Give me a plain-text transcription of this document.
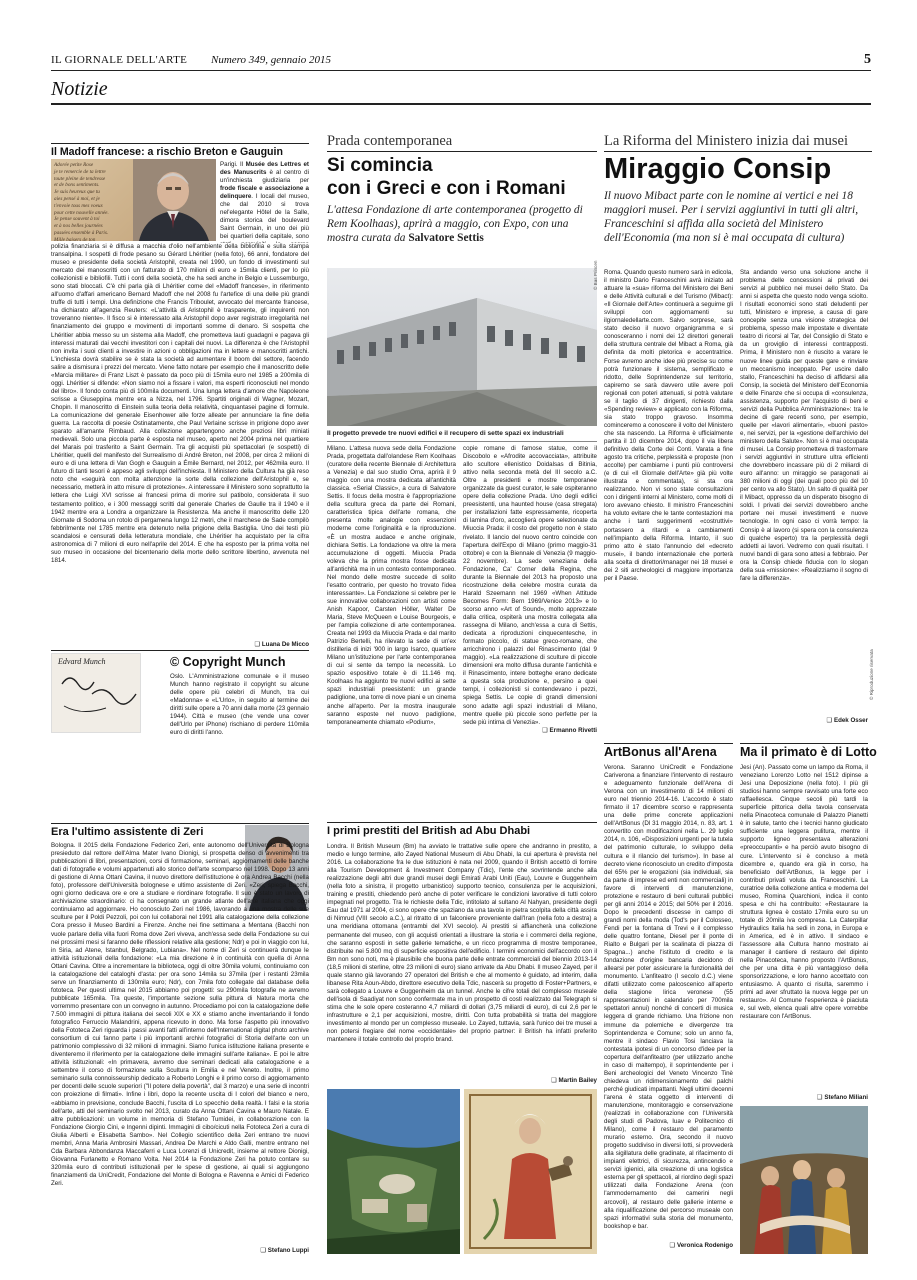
IL GIORNALE DELL'ARTE Numero 349, gennaio 2015	5
Notizie
Il Madoff francese: a rischio Breton e Gauguin
Adorée petite Rose
je te remercie de ta lettre
toute pleine de tendresse
et de bons sentiments.
Je suis heureux que tu
aies pensé à moi, et je
t'envoie tous mes voeux
pour cette nouvelle année.
Je pense souvent à toi
et à nos belles journées
passées ensemble à Paris.
Mille baisers de ton
Parigi. Il Musée des Lettres et des Manuscrits è al centro di un'inchiesta giudiziaria per frode fiscale e associazione a delinquere. I locali del museo, che dal 2010 si trova nel'elegante Hôtel de la Salle, dimora storica del boulevard Saint Germain, in uno dei più bei quartieri della capitale, sono
polizia finanziaria si è diffusa a macchia d'olio nell'ambiente della bibliofilia e sulla stampa transalpina. I sospetti di frode pesano su Gérard Lhéritier (nella foto), 66 anni, fondatore del museo e presidente della società Aristophil, creata nel 1990, un fondo di investimenti sul mercato dei manoscritti con un fatturato di 170 milioni di euro e 15mila clienti, per lo più collezionisti e bibliofili. Tutti i conti della società, che ha sedi anche in Belgio e Lussemburgo, sono stati bloccati. C'è chi parla già di Lhéritier come del «Madoff francese», in riferimento all'uomo d'affari americano Bernard Madoff che nel 2008 fu l'artefice di una delle più grandi truffe di tutti i tempi. Una definizione che Francis Triboulet, avvocato del mercante francese, ha dichiarato all'agenzia Reuters: «L'attività di Aristophil è trasparente, gli inquirenti non troveranno niente». Il fisco si è interessato alla Aristophil dopo aver registrato irregolarità nel finanziamento dei gruppo e movimenti di importanti somme di denaro. Si sospetta che Lhéritier abbia messo su un sistema alla Madoff, che prometteva lauti guadagni e pagava gli interessi maturati dai vecchi investitori con i capitali dei nuovi. La differenza è che l'Aristophil non invita i suoi clienti a investire in azioni o obbligazioni ma in lettere e manoscritti antichi. L'inchiesta dovrà stabilire se è stata la società ad aumentare il boom del settore, facendo salire a dismisura i prezzi del mercato. Viene fatto notare per esempio che il manoscritto delle «Marcia militare» di Franz Liszt è passato da poco più di 15mila euro nel 1985 a 200mila di oggi. Lhéritier si difende: «Non siamo noi a fissare i valori, ma esperti riconosciuti nel mondo del libro». Il fondo conta più di 100mila documenti. Una lunga lettera d'amore che Napoleone scrisse a Giuseppina mentre era a Nizza, nel 1796. Spartiti originali di Wagner, Mozart, Chopin. Il manoscritto di Einstein sulla teoria della relatività, cinquantasei pagine di formule. La comunicazione del generale Eisenhower alle forze alleate per annunciare la fine della guerra. La raccolta di poesie Ostinatamente, che Paul Verlaine scrisse in prigione dopo aver sparato all'amante Rimbaud. Alla collezione appartengono anche preziosi libri miniati medievali. Solo una piccola parte è esposta nel museo, aperto nel 2004 prima nel quartiere del Marais poi trasferito a Saint Germain. Tra gli acquisti più spettacolari (e sospetti) di Lhéritier, quelli del manifesto del Surrealismo di André Breton, nel 2008, per circa 2 milioni di euro e di una lettera di Van Gogh e Gauguin a Émile Bernard, nel 2012, per 462mila euro. Il futuro di tanti tesori è appeso agli sviluppi dell'inchiesta. Il Ministero della Cultura ha già reso noto che «seguirà con molta attenzione la sorte della collezione dell'Aristophil e, se necessario, metterà in atto misure di protezione». A interessare il Ministero sono soprattutto la lettera che Luigi XVI scrisse ai francesi prima di morire sul patibolo, considerata il suo testamento politico, e i 300 messaggi scritti dal generale Charles de Gaulle tra il 1940 e il 1942 mentre era a Londra a organizzare la Resistenza. Ma anche il manoscritto delle 120 Giornate di Sodoma un rotolo di pergamena lungo 12 metri, che il marchese de Sade compilò febbrilmente nel 1785 mentre era detenuto nella prigione della Bastiglia. Uno dei testi più scandalosi e censurati della letteratura mondiale, che Lhéritier ha acquistato per la cifra astronomica di 7 milioni di euro nell'aprile del 2014. E che ha esposto per la prima volta nel suo museo in occasione del bicentenario della morte dello scrittore libertino, avvenuta nel 1814.
❑ Luana De Micco
Edvard Munch	© Copyright Munch
Oslo. L'Amministrazione comunale e il museo Munch hanno registrato il copyright su alcune delle opere più celebri di Munch, tra cui «Madonna» e «L'Urlo», in seguito al termine dei diritti sulle opere a 70 anni dalla morte (23 gennaio 1944). Città e museo (che vende una cover dell'Urlo per iPhone) rischiano di perdere 110mila euro di diritti l'anno.
Era l'ultimo assistente di Zeri
Bologna. Il 2015 della Fondazione Federico Zeri, ente autonomo dell'Università di Bologna presieduto dal rettore dell'Alma Mater Ivano Dionigi, si prospetta denso di avvenimenti tra pubblicazioni di libri, presentazioni, corsi di formazione, seminari, aggiornamenti delle banche dati di fotografie e volumi appartenuti allo storico dell'arte scomparso nel 1998. Dopo 13 anni di gestione di Anna Ottani Cavina, il nuovo direttore dell'istituzione è ora Andrea Bacchi (nella foto), professore dell'Università bolognese e ultimo assistente di Zeri. «Zeri, spiega Bacchi, ogni giorno dedicava ore e ore a studiare e riordinare fotografie. Il suo è stato un lavoro di archiviazione straordinario: ci ha consegnato un grande atlante dell'arte italiana che oggi continuiamo ad aggiornare. Ho conosciuto Zeri nel 1986, lavorando a una mostra delle sue sculture per il Poldi Pezzoli, poi con lui collaborai nel 1991 alla catalogazione della collezione Cora presso il Museo Bardini a Firenze. Anche nei fine settimana a Mentana (Bacchi non vuole parlare della villa fuori Roma dove Zeri viveva, anch'essa sede della Fondazione su cui nei prossimi mesi si faranno delle riflessioni relative alla gestione; Ndr) e poi in viaggio con lui, in Siria, ad Atene, Istanbul, Belgrado, Lubiana». Nel nome di Zeri si continuerà dunque le attività istituzionali della fondazione: «La mia direzione è in continuità con quella di Anna Ottani Cavina. Oltre a incrementare la biblioteca, oggi di oltre 30mila volumi, continuiamo con la catalogazione del cataloghi d'asta: per ora sono 14mila su 37mila (per i restanti 23mila serve un finanziamento di 130mila euro; Ndr), con 7mila foto collegate dal database della fototeca. Per questi ultima nel 2015 abbiamo poi progetti: su 290mila fotografie ne avremo pubblicate 165mila. Tra queste, l'importante sezione sulla pittura di Natura morta che vorremmo presentare con un convegno in autunno. Procediamo poi con la catalogazione delle 7.500 immagini di pittura italiana dei secoli XIX e XX e stiamo anche inventariando il fondo fotografico Ferruccio Malandrini, appena ricevuto in dono. Ma forse l'aspetto più innovativo della Fototeca Zeri riguarda i passi avanti fatti all'interno dell'International digital photo archive consortium di cui fanno parte i più importanti archivi fotografici di Storia dell'arte con un patrimonio complessivo di 32 milioni di immagini. Siamo l'unica istituzione italiana presente e diventeremo il riferimento per la catalogazione delle immagini sull'arte italiana». E poi le altre attività istituzionali: «In primavera, avremo due seminari dedicati alla catalogazione e a settembre il corso di formazione sulla Scultura in Emilia e nel Veneto. Inoltre, il primo seminario sulla connoisseurship dedicato a Roberto Longhi e il primo corso di aggiornamento per docenti delle scuole superiori ("Il potere della povertà", dal 3 marzo) e una serie di incontri con proiezione di filmati». Infine i libri, dopo la recente uscita di I colori del bianco e nero, «abbiamo in previsione, conclude Bacchi, l'uscita di Lo specchio della realtà. I falsi e la storia dell'arte, atti del seminario svolto nel 2013, curato da Anna Ottani Cavina e Mauro Natale. E altre pubblicazioni: un volume in memoria di Stefano Tumidei, in collaborazione con la Fondazione Giorgio Cini, e Ingenni dipinti. Immagini di cibo/cicuti nella Fototeca Zeri a cura di Giulia Alberti e Elisabetta Sambo». Nel Collegio scientifico della Zeri entrano tre nuovi membri, Anna Maria Ambrosini Massari, Andrea De Marchi e Aldo Galli, mentre entrano nel Cda Barbara Abbondanza Maccaferri e Luca Lorenzi di Unicredit, insieme al rettore Dionigi, Giovanna Furlanetto e Romano Volta. Nel 2014 la Fondazione Zeri ha potuto contare su 320mila euro di contributi istituzionali per le spese di gestione, ai quali si aggiungono finanziamenti da UniCredit, Fondazione del Monte di Bologna e Ravenna e Amici di Federico Zeri.
❑ Stefano Luppi
Prada contemporanea
Si comincia
con i Greci e con i Romani
L'attesa Fondazione di arte contemporanea (progetto di Rem Koolhaas), aprirà a maggio, con Expo, con una mostra curata da Salvatore Settis
© Bas Princen
Il progetto prevede tre nuovi edifici e il recupero di sette spazi ex industriali
Milano. L'attesa nuova sede della Fondazione Prada, progettata dall'olandese Rem Koolhaas (curatore della recente Biennale di Architettura a Venezia) e dal suo studio Oma, aprirà il 9 maggio con una mostra dedicata all'antichità classica. «Serial Classic», a cura di Salvatore Settis. Il focus della mostra è l'appropriazione della scultura greca da parte dei Romani, caratteristica tipica dell'arte romana, che presenta molte analogie con essenzioni moderne come l'originalità e la riproduzione. «È un mostra audace e anche originale, dichiara Settis. La fondazione va oltre la mera accumulazione di oggetti. Miuccia Prada voleva che la prima mostra fosse dedicata all'antichità ma in un contesto contemporaneo. Nel mondo delle mostre succede di solito l'esatto contrario, per questo ho trovato l'idea interessante». La Fondazione si celebre per le sue innovative collaborazioni con artisti come Anish Kapoor, Carsten Höller, Walter De Maria, Steve McQueen e Louise Bourgeois, e per l'ampia collezione di arte contemporanea. Creata nel 1993 da Miuccia Prada e dal marito Patrizio Bertelli, ha rilevato la sede di un'ex distilleria di inizi '900 in largo Isarco, quartiere Milano un'istituzione per l'arte contemporanea di cui si sente da tempo la necessità. Lo spazio espositivo totale è di 11.146 mq. Koolhaas ha aggiunto tre nuovi edifici ai sette spazi industriali preesistenti: un grande padiglione, una torre di nove piani e un cinema anche all'aperto. Per la mostra inaugurale saranno esposte nel nuovo padiglione, temporaneamente chiamato «Podium»,
copie romane di famose statue, come il Discobolo e «Afrodite accovacciata», attribuite allo scultore ellenistico Doidalsas di Bitinia, attivo nella seconda metà del III secolo a.C. Oltre a presidenti e mostre temporanee organizzate da guest curator, le sale ospiteranno opere della collezione Prada. Uno degli edifici preesistenti, una haunted house (casa stregata) per installazioni fatte espressamente, ricoperta di lamina d'oro, accoglierà opere selezionate da Miuccia Prada: il costo del progetto non è stato rivelato. Il lancio del nuovo centro coincide con l'apertura dell'Expo di Milano (primo maggio-31 ottobre) e con la Biennale di Venezia (9 maggio-22 novembre). La sede veneziana della Fondazione, Ca' Corner della Regina, che durante la Biennale del 2013 ha proposto una ricostruzione della celebre mostra curata da Harald Szeemann nel 1969 «When Attitude Becomes Form: Bern 1969/Venice 2013» e lo scorso anno «Art of Sound», molto apprezzate dalla critica, ospiterà una mostra collegata alla rassegna di Milano, anch'essa a cura di Settis, dedicata a riproduzioni cinquecentesche, in formato piccolo, di statue greco-romane, che arricchirono i palazzi del Rinascimento (dal 9 maggio). «La realizzazione di sculture di piccole dimensioni era molto diffusa durante l'antichità e il Rinascimento, intere botteghe erano dedicate a questa sola produzione e, persino a quei tempi, i collezionisti si contendevano i pezzi, spiega Settis. Le copie di grandi dimensioni sono adatte agli spazi industriali di Milano, mentre quelle più piccole sono perfette per la sede più intima di Venezia».
❑ Ermanno Rivetti
I primi prestiti del British ad Abu Dhabi
Londra. Il British Museum (Bm) ha avviato le trattative sulle opere che andranno in prestito, a medio e lungo termine, allo Zayed National Museum di Abu Dhabi, la cui apertura è prevista nel 2016. La collaborazione fra le due istituzioni è nata nel 2009, quando il British accettò di fornire alla Tourism Development & Investment Company (Tdic), l'ente che sovrintende anche alla realizzazione degli altri due grandi musei degli Emirati Arabi Uniti (Eau), Louvre e Guggenheim (nella foto a sinistra, il progetto urbanistico) supporto tecnico, consulenza per le acquisizioni, training e prestiti, chiedendo però anche di poter verificare le condizioni lavorative di tutti coloro impegnati nel progetto. Tra le richieste della Tdic, intitolato al sultano Al Nahyan, presidente degli Eau dal 1971 al 2004, ci sono opere che spaziano da una tavola in pietra scolpita della città assira di Nimrud (VIII secolo a.C.), al ritratto di un falconiere proveniente dall'Iran (nella foto a destra) a una meridiana ottomana (entrambi del XVI secolo). Ai prestiti si affiancherà una collezione permanente del museo, con gli acquisti orientati a illustrare la storia e i commerci della regione, che saranno esposti in sette gallerie tematiche, e un ricco programma di mostre temporanee, distribuite nei 5.800 mq di superficie espositiva dell'edificio. I termini economici dell'accordo con il Bm non sono noti, ma è plausibile che buona parte delle entrate commerciali del biennio 2013-14 (18,5 milioni di sterline, oltre 23 milioni di euro) siano arrivate da Abu Dhabi. Il museo Zayed, per il quale stanno già lavorando 27 operatori del British e che al momento è guidato, ad interim, dalla libanese Rita Aoun-Abdo, direttore esecutivo della Tdic, nascerà su progetto di Foster+Partners, e sarà collegato a Louvre e Guggenheim da un tunnel. Anche le cifre totali del complesso museale dell'isola di Saadiyat non sono confermate ma in un prospetto di costi realizzato dal Telegraph si stima che le sole opere costeranno 4,7 miliardi di dollari (3,75 miliardi di euro), di cui 2,6 per le infrastrutture e 2,1 per acquisizioni, mostre, diritti. Con tutta probabilità si tratta del maggiore investimento al mondo per un complesso museale. Lo Zayed, tuttavia, sarà l'unico dei tre musei a non potersi fregiare del nome «occidentale» del proprio partner: il British ha infatti preferito mantenere il totale controllo del proprio brand.
❑ Martin Bailey
La Riforma del Ministero inizia dai musei
Miraggio Consip
Il nuovo Mibact parte con le nomine ai vertici e nei 18 maggiori musei. Per i servizi aggiuntivi in tutti gli altri, Franceschini si affida alla società del Ministero dell'Economia (ma non si è mai occupata di cultura)
Roma. Quando questo numero sarà in edicola, il ministro Dario Franceschini avrà iniziato ad attuare la «sua» riforma del Ministero dei Beni e delle Attività culturali e del Turismo (Mibact): «Il Giornale dell'Arte» continuerà a seguirne gli sviluppi con aggiornamenti su ilgiornaledellarte.com. Salvo sorprese, sarà stato deciso il nuovo organigramma e si conosceranno i nomi dei 12 direttori generali della struttura centrale del Mibact a Roma, già definita da molti pletorica e accentratrice. Forse avremo anche idee più precise su come potrà funzionare il sistema, semplificato e ridotto, delle Soprintendenze sul territorio, capiremo se sarà davvero utile avere poli regionali con poteri attenuati, si potrà valutare se il taglio di 37 dirigenti, richiesto dalla «Spending review» e applicato con la Riforma, sia stato troppo gravoso. Insomma cominceremo a conoscere il volto del Ministero che sta nascendo. La Riforma è ufficialmente partita il 10 dicembre 2014, dopo il via libera definitivo della Corte dei Conti. Varata a fine agosto tra critiche, perplessità e proposte (non accolte) per cambiarne i punti più controversi (e di cui «Il Giornale dell'Arte» già più volte illustrata e commentata), si sta ora realizzando. Non vi sono state consultazioni con i dirigenti interni al Ministero, come molti di loro avevano chiesto. Il ministro Franceschini ha voluto evitare che le tante contestazioni ma anche i tanti suggerimenti «costruttivi» portassero a ritardi e a cambiamenti nell'impianto della Riforma. Intanto, il suo primo atto è stato l'annuncio del «decreto musei», il bando internazionale che porterà alla scelta di direttori/manager nei 18 musei e dei 2 siti archeologici di maggiore importanza per il Paese.
Sta andando verso una soluzione anche il problema delle concessioni ai privati dei servizi al pubblico nei musei dello Stato. Da anni si aspetta che questo nodo venga sciolto. I risultati economici sono stati deludenti per tutti, Ministero e imprese, a causa di gare concepite senza una visione strategica del problema, spesso male impostate e diventate teatro di ricorsi al Tar, del Consiglio di Stato e da un groviglio di interessi contrapposti. Prima, il Ministero non è riuscito a varare le nuove linee guida per queste gare e rinviare un meccanismo inceppato. Per uscire dallo stallo, Franceschini ha deciso di affidarsi alla Consip, la società del Ministero dell'Economia e delle Finanze che si occupa di «consulenza, assistenza, supporto per l'acquisto di beni e servizi della Pubblica Amministrazione»: tra le decine di gare recenti sono, per esempio, quelle per «lavori alimentari», «buoni pasto» e, nei servizi, per la «gestione dell'archivio del ministero della Salute». Non si è mai occupata di musei. La Consip prometteva di trasformare i servizi aggiuntivi in strutture ultra efficienti che dovrebbero incassare più di 2 miliardi di euro all'anno: un miraggio se paragonati ai 380 milioni di oggi (dei quali poco più del 10 per cento va allo Stato). Un salto di qualità per il Mibact, oppresso da un disperato bisogno di soldi. I privati dei servizi dovrebbero anche portare nei musei investimenti e nuove tecnologie. In ogni caso ci vorrà tempo: la Consip è al lavoro (si spera con la consulenza di qualche esperto) tra la perplessità degli addetti ai lavori. Vedremo con quali risultati. I nuovi bandi di gara sono attesi a febbraio. Per ora la Consip chiede fiducia con lo slogan della sua «missione»: «Realizziamo il sogno di fare la differenza».
❑ Edek Osser
© Riproduzione riservata
ArtBonus all'Arena
Verona. Saranno UniCredit e Fondazione Cariverona a finanziare l'intervento di restauro e adeguamento funzionale dell'Arena di Verona con un investimento di 14 milioni di euro nel triennio 2014-16. L'accordo è stato firmato il 17 dicembre scorso e rappresenta una delle prime concrete applicazioni dell'ArtBonus (Dl 31 maggio 2014, n. 83, art. 1 convertito con modificazioni nella L. 29 luglio 2014, n. 106, «Disposizioni urgenti per la tutela del patrimonio culturale, lo sviluppo della cultura e il rilancio del turismo»). In base al decreto viene riconosciuto un credito d'imposta del 65% per le erogazioni (sia individuali, sia da parte di imprese ed enti non commerciali) in favore di interventi di manutenzione, protezione e restauro di beni culturali pubblici per gli anni 2014 e 2015; del 50% per il 2016. Dopo le precedenti discesse in campo di grandi nomi della moda (Tod's per il Colosseo, Fendi per la fontana di Trevi e il complesso delle quattro fontane, Diesel per il ponte di Rialto e Bulgari per la scalinata di piazza di Spagna...) anche l'istituto di credito e la fondazione d'origine bancaria decidono di allearsi per poter assicurare la funzionalità del monumento. L'anfiteatro (I secolo d.C.) viene difatti utilizzato come palcoscenico all'aperto della stagione lirica veronese (55 rappresentazioni in calendario per 700mila spettatori annui) nonché di concerti di musica leggera di grande richiamo. Una frizione non immune da polemiche e divergenze tra Soprintendenza e Comune; solo un anno fa, mentre il sindaco Flavio Tosi lanciava la contestata ipotesi di un concorso d'idee per la copertura dell'anfiteatro (per utilizzarlo anche in caso di maltempo), il soprintendente per i Beni archeologici del Veneto Vincenzo Tinè chiedeva un ridimensionamento dei palchi perché giudicati impattanti. Negli ultimi decenni l'arena è stata oggetto di interventi di manutenzione, monitoraggio e conservazione (realizzati in collaborazione con l'Università degli studi di Padova, Iuav e Politecnico di Milano), come il restauro del paramento murario esterno. Ora, secondo il nuovo progetto suddiviso in diversi lotti, si provvederà alla sigillatura delle gradinate, al rifacimento di impianti elettrici, di sicurezza, antincendio e servizi igienici, alla creazione di una logistica esterna per gli spettacoli, al riordino degli spazi utilizzati dalla Fondazione Arena (con l'ammodernamento dei camerini negli arcovoli), al restauro delle gallerie interne e alla riqualificazione del percorso museale con spazi informativi sulla storia del monumento, bookshop e bar.
❑ Veronica Rodenigo
Ma il primato è di Lotto
Jesi (An). Passato come un lampo da Roma, il veneziano Lorenzo Lotto nel 1512 dipinse a Jesi una Deposizione (nella foto). I più gli studiosi hanno sempre ravvisato una forte eco raffaellesca. Cinque secoli più tardi la superficie pittorica della tavola conservata nella Pinacoteca comunale di Palazzo Pianetti è in salute, tanto che i tecnici hanno giudicato sufficiente una leggera pulitura, mentre il supporto ligneo presentava alterazioni «preoccupanti» e ha perciò avuto bisogno di cure. L'intervento si è concluso a metà dicembre e, quando era già in corso, ha beneficiato dell'ArtBonus, la legge per i contributi privati voluta da Franceschini. La curatrice della collezione antica e moderna del museo, Romina Quarchioni, indica il conto spesa e chi ha contribuito: «Restaurare la struttura lignea è costato 17mila euro su un totale di 20mila iva compresa. La Caterpillar Hydraulics Italia ha sedi in zona, in Europa e in America, ed è in attivo. Il sindaco e l'assessore alla Cultura hanno mostrato ai manager il cantiere di restauro del dipinto nella Pinacoteca, hanno proposto l'ArtBonus, che per una ditta è più vantaggioso della sponsorizzazione, e loro hanno accettato con entusiasmo. A quanto ci risulta, saremmo i primi ad aver sfruttato la nuova legge per un restauro». Al Comune l'esperienza è piaciuta e, sul web, elenca quali altre opere vorrebbe restaurare con l'ArtBonus.
❑ Stefano Miliani
